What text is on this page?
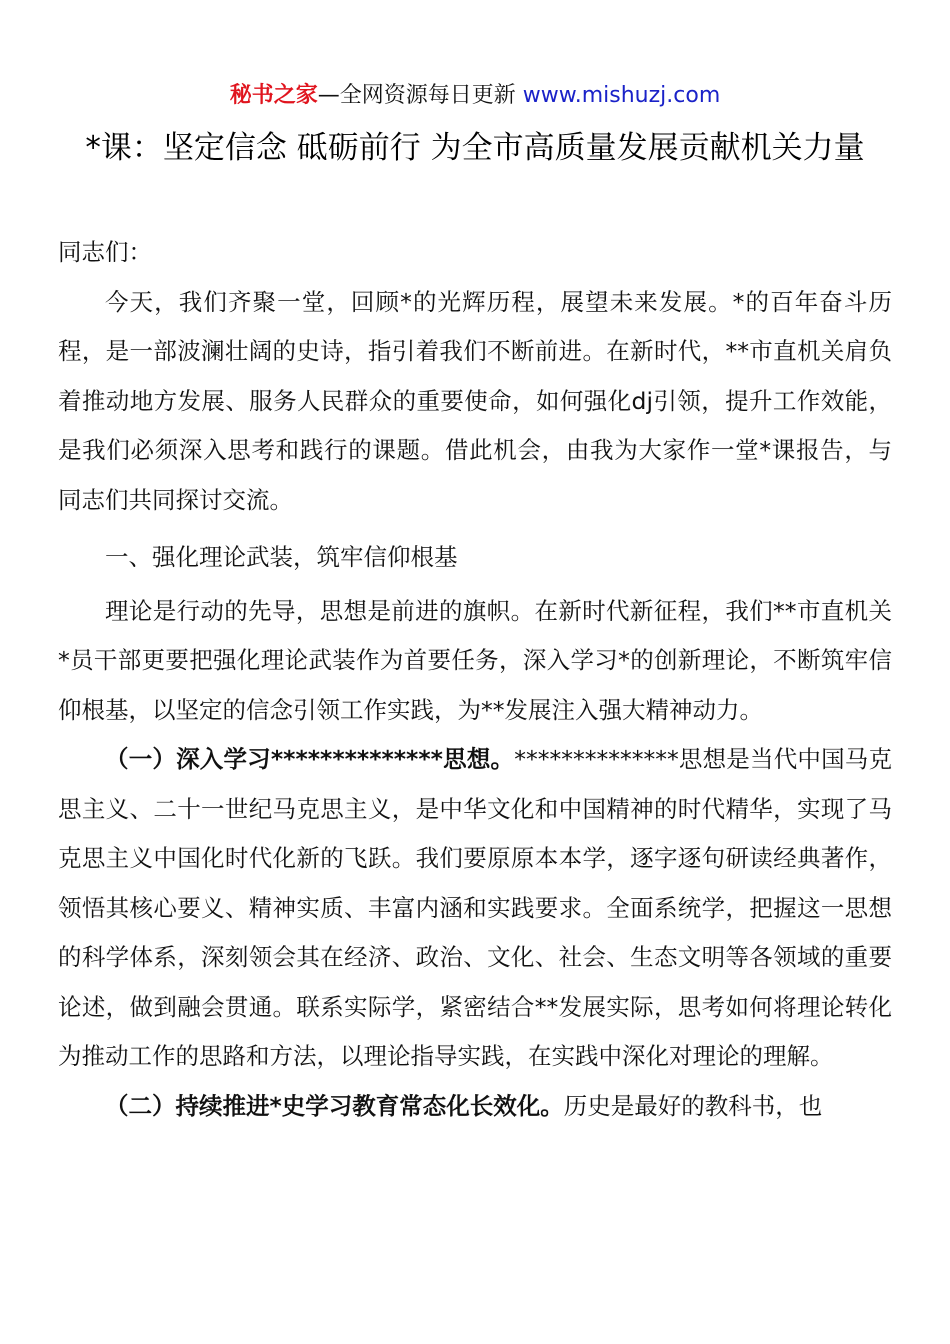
秘书之家—全网资源每日更新 www.mishuzj.com
*课：坚定信念 砥砺前行 为全市高质量发展贡献机关力量

同志们：

今天，我们齐聚一堂，回顾*的光辉历程，展望未来发展。*的百年奋斗历程，是一部波澜壮阔的史诗，指引着我们不断前进。在新时代，**市直机关肩负着推动地方发展、服务人民群众的重要使命，如何强化dj引领，提升工作效能，是我们必须深入思考和践行的课题。借此机会，由我为大家作一堂*课报告，与同志们共同探讨交流。

一、强化理论武装，筑牢信仰根基

理论是行动的先导，思想是前进的旗帜。在新时代新征程，我们**市直机关*员干部更要把强化理论武装作为首要任务，深入学习*的创新理论，不断筑牢信仰根基，以坚定的信念引领工作实践，为**发展注入强大精神动力。

（一）深入学习**************思想。**************思想是当代中国马克思主义、二十一世纪马克思主义，是中华文化和中国精神的时代精华，实现了马克思主义中国化时代化新的飞跃。我们要原原本本学，逐字逐句研读经典著作，领悟其核心要义、精神实质、丰富内涵和实践要求。全面系统学，把握这一思想的科学体系，深刻领会其在经济、政治、文化、社会、生态文明等各领域的重要论述，做到融会贯通。联系实际学，紧密结合**发展实际，思考如何将理论转化为推动工作的思路和方法，以理论指导实践，在实践中深化对理论的理解。

（二）持续推进*史学习教育常态化长效化。历史是最好的教科书，也
